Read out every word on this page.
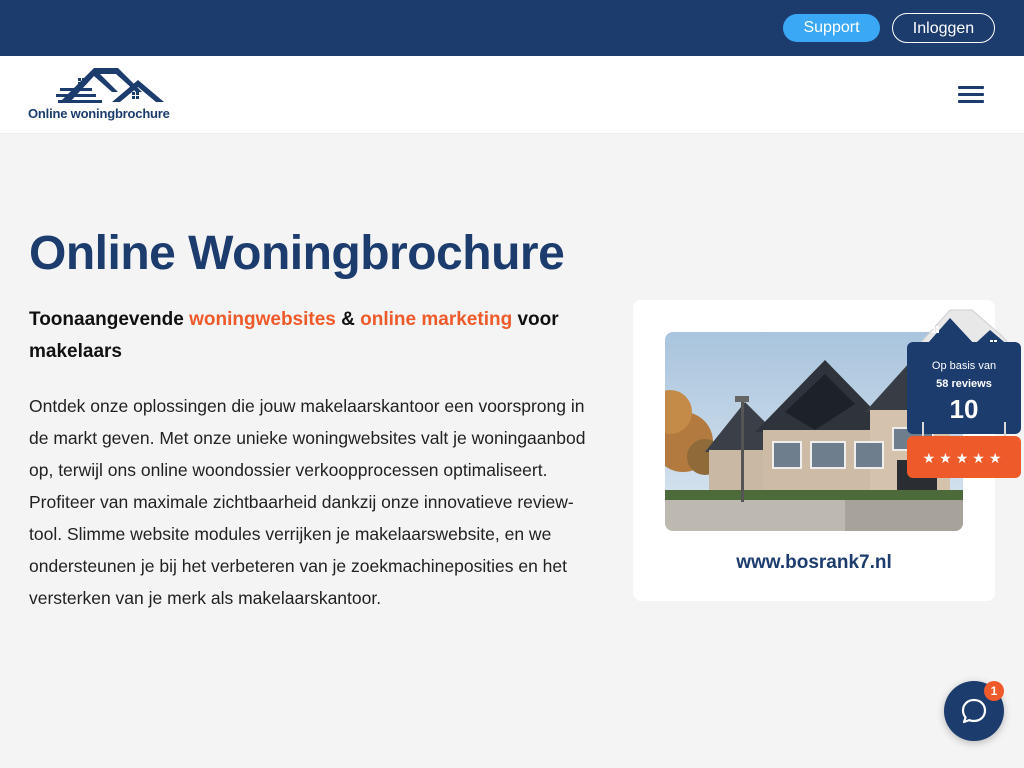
Support	Inloggen
Online woningbrochure
Online Woningbrochure

Toonaangevende woningwebsites & online marketing voor makelaars

Ontdek onze oplossingen die jouw makelaarskantoor een voorsprong in de markt geven. Met onze unieke woningwebsites valt je woningaanbod op, terwijl ons online woondossier verkoopprocessen optimaliseert. Profiteer van maximale zichtbaarheid dankzij onze innovatieve review-tool. Slimme website modules verrijken je makelaarswebsite, en we ondersteunen je bij het verbeteren van je zoekmachineposities en het versterken van je merk als makelaarskantoor.

www.bosrank7.nl
Op basis van
58 reviews
10
★★★★★
1
